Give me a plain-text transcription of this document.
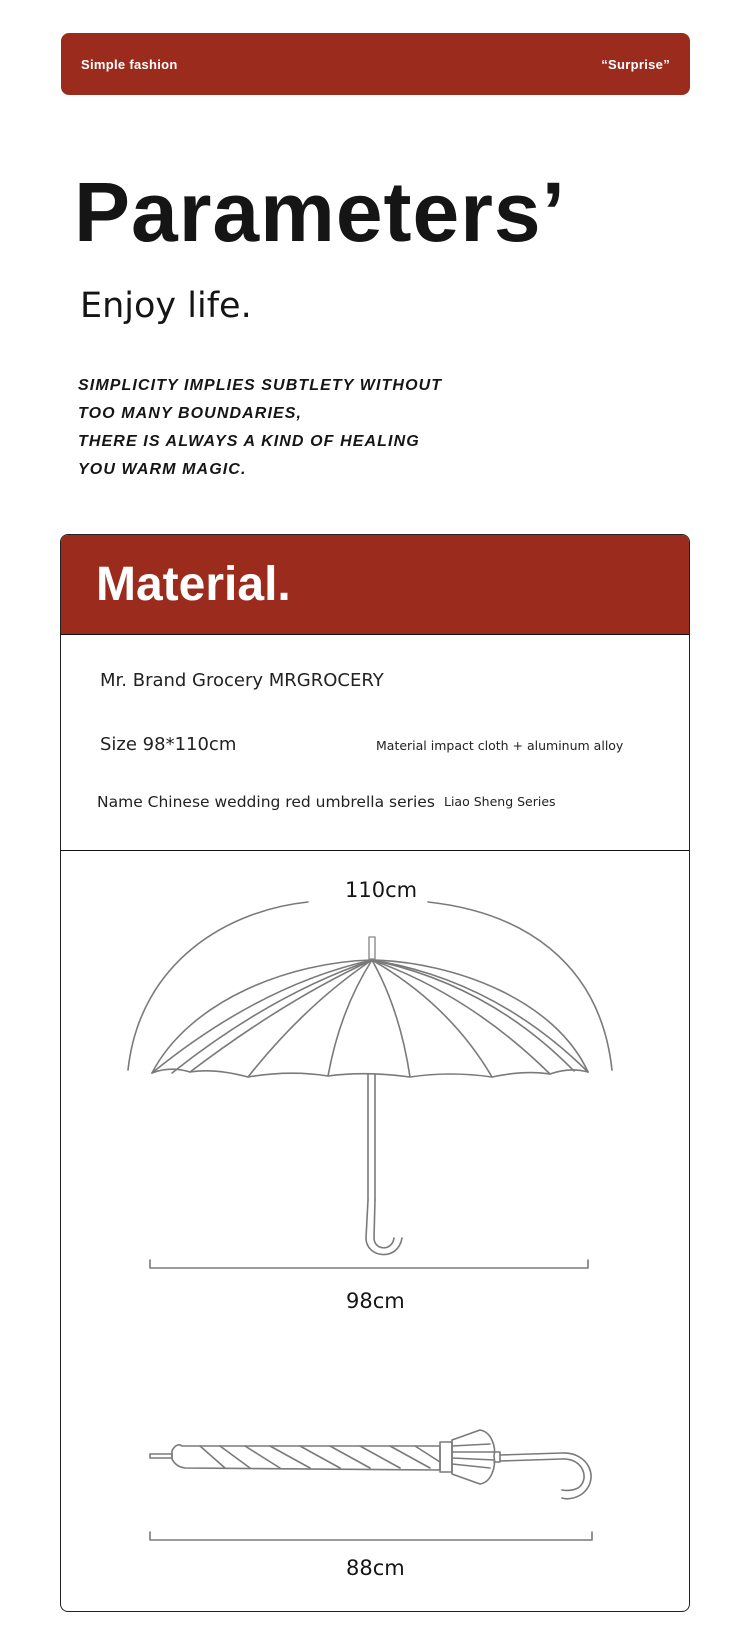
Simple fashion	“Surprise”
Parameters’
Enjoy life.
SIMPLICITY IMPLIES SUBTLETY WITHOUT
TOO MANY BOUNDARIES,
THERE IS ALWAYS A KIND OF HEALING
YOU WARM MAGIC.
Material.
Mr. Brand Grocery MRGROCERY
Size 98*110cm	Material impact cloth + aluminum alloy
Name Chinese wedding red umbrella series Liao Sheng Series
110cm
98cm
88cm
